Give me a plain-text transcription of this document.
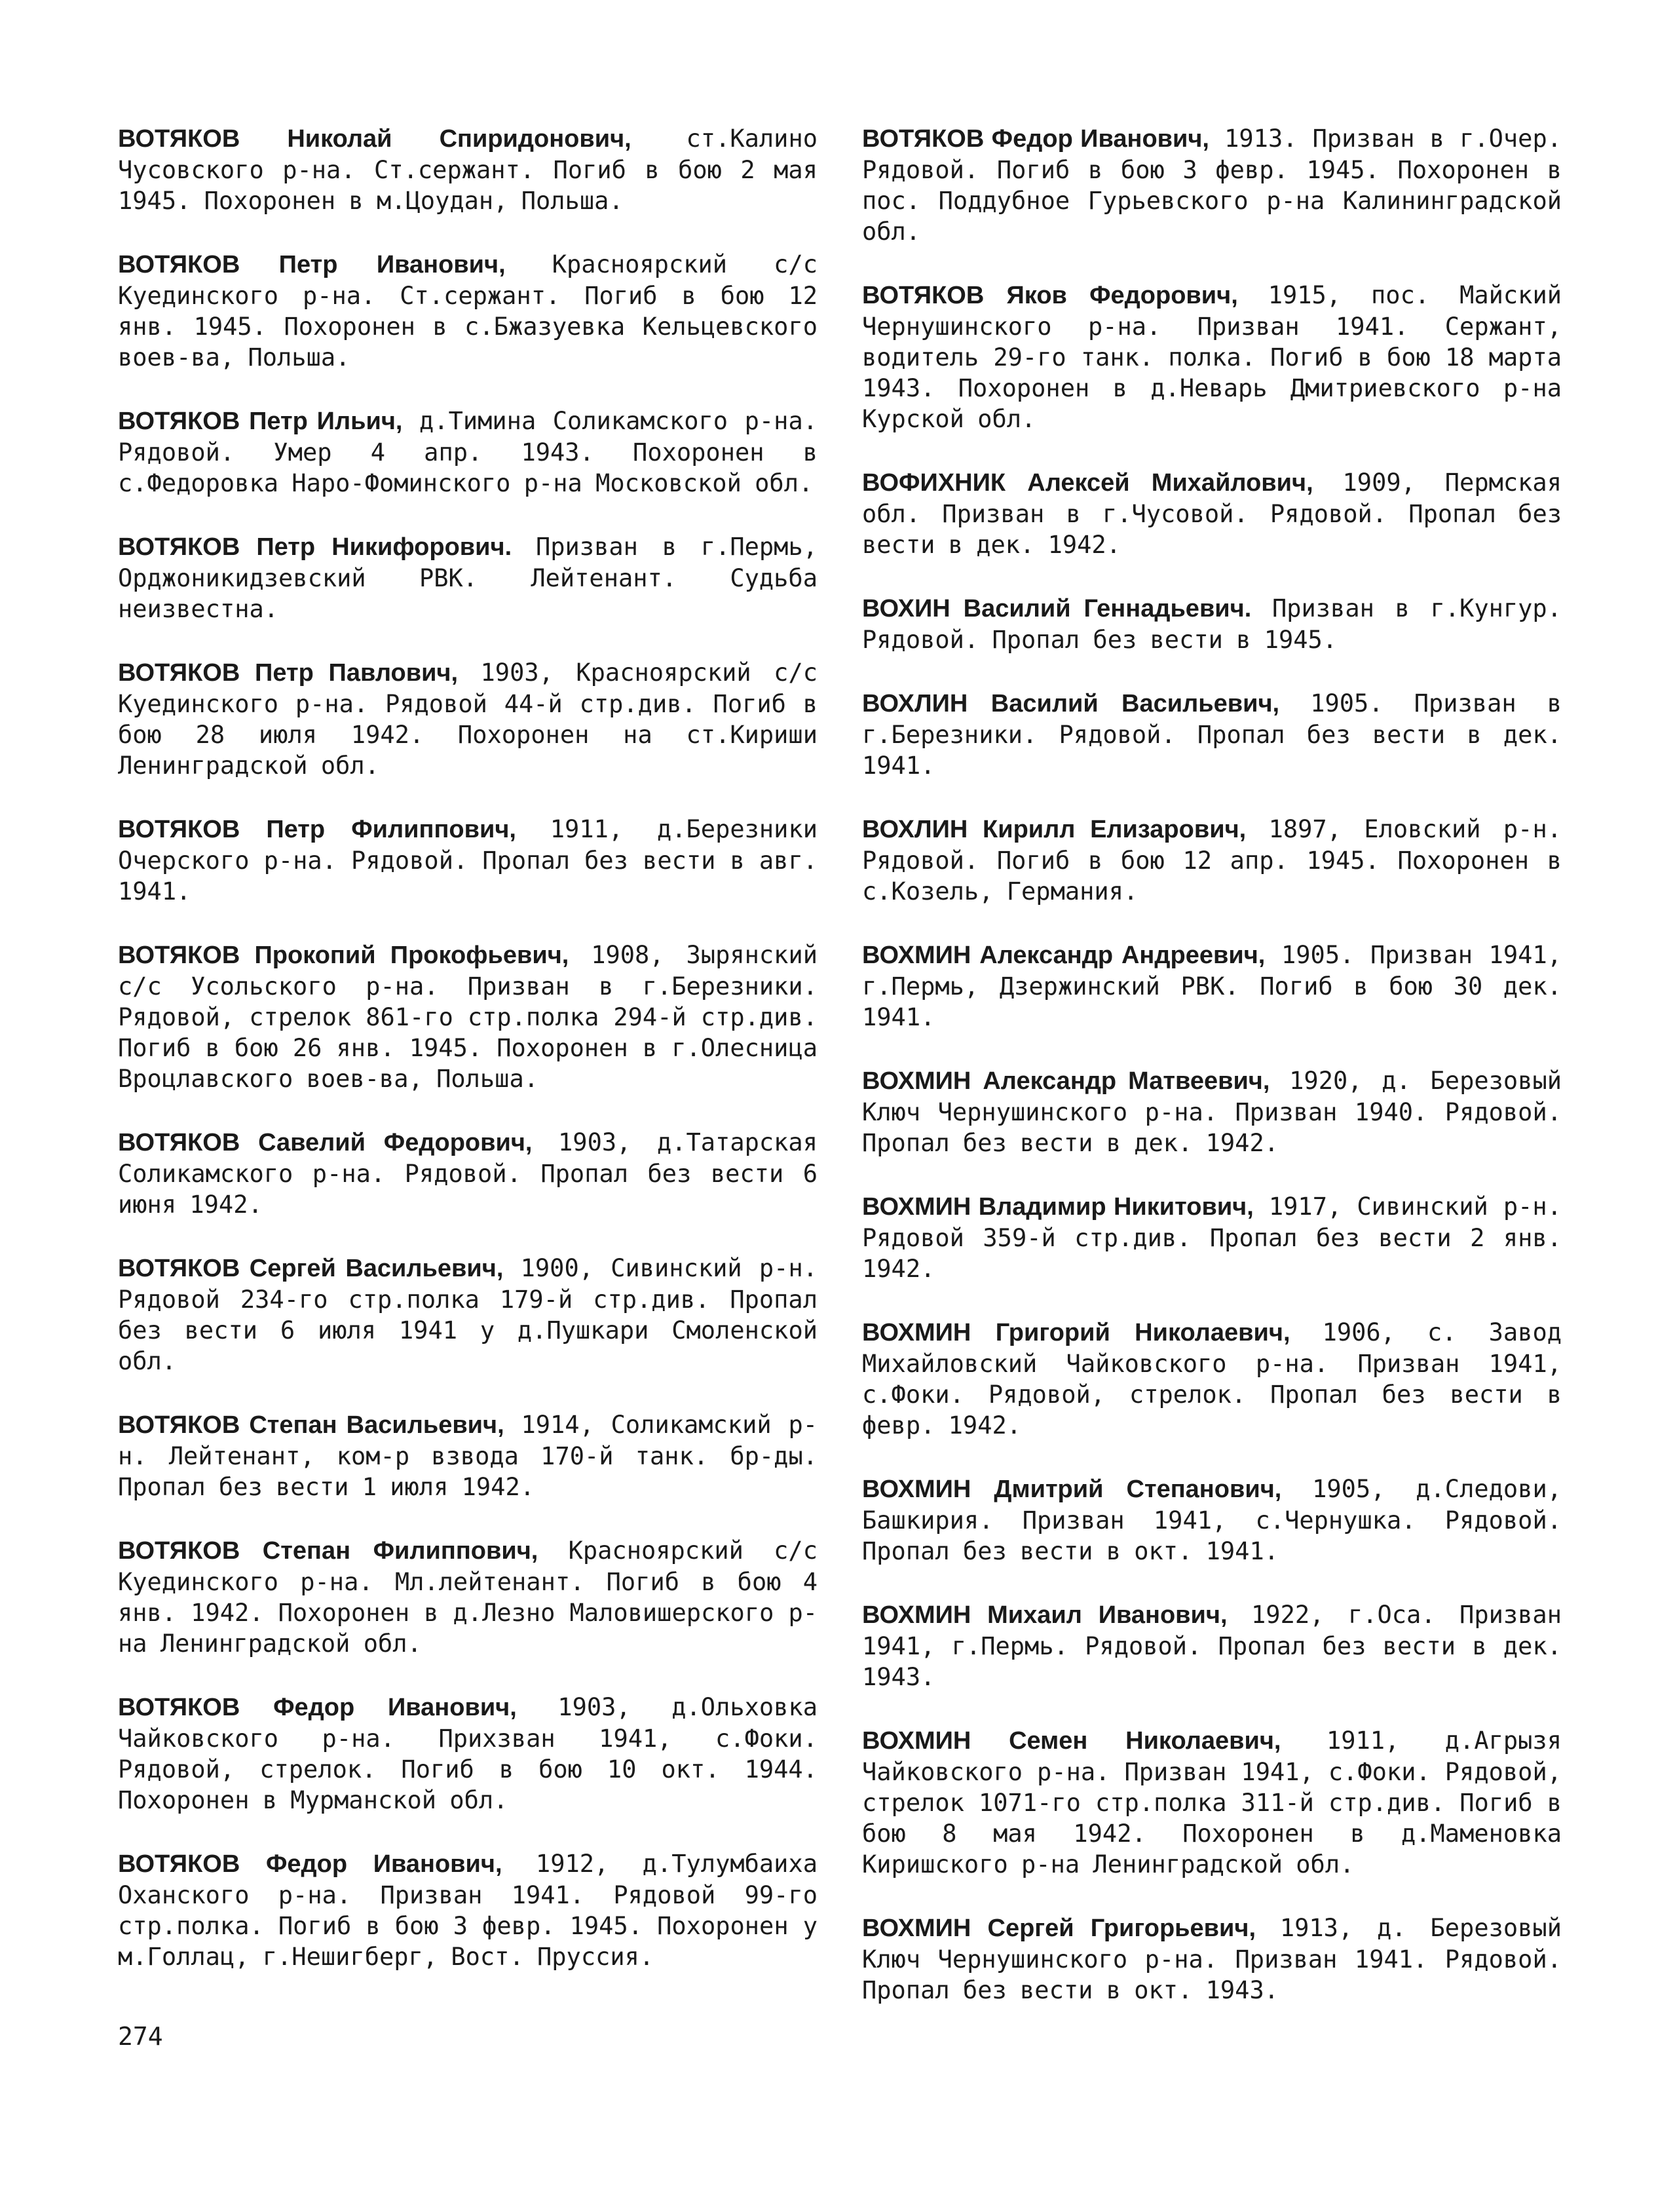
ВОТЯКОВ Николай Спиридонович, ст.Калино Чусовского р-на. Ст.сержант. Погиб в бою 2 мая 1945. Похоронен в м.Цоудан, Польша.

ВОТЯКОВ Петр Иванович, Красноярский с/с Куединского р-на. Ст.сержант. Погиб в бою 12 янв. 1945. Похоронен в с.Бжазуевка Кельцевского воев-ва, Польша.

ВОТЯКОВ Петр Ильич, д.Тимина Соликамского р-на. Рядовой. Умер 4 апр. 1943. Похоронен в с.Федоровка Наро-Фоминского р-на Московской обл.

ВОТЯКОВ Петр Никифорович. Призван в г.Пермь, Орджоникидзевский РВК. Лейтенант. Судьба неизвестна.

ВОТЯКОВ Петр Павлович, 1903, Красноярский с/с Куединского р-на. Рядовой 44-й стр.див. Погиб в бою 28 июля 1942. Похоронен на ст.Кириши Ленинградской обл.

ВОТЯКОВ Петр Филиппович, 1911, д.Березники Очерского р-на. Рядовой. Пропал без вести в авг. 1941.

ВОТЯКОВ Прокопий Прокофьевич, 1908, Зырянский с/с Усольского р-на. Призван в г.Березники. Рядовой, стрелок 861-го стр.полка 294-й стр.див. Погиб в бою 26 янв. 1945. Похоронен в г.Олесница Вроцлавского воев-ва, Польша.

ВОТЯКОВ Савелий Федорович, 1903, д.Татарская Соликамского р-на. Рядовой. Пропал без вести 6 июня 1942.

ВОТЯКОВ Сергей Васильевич, 1900, Сивинский р-н. Рядовой 234-го стр.полка 179-й стр.див. Пропал без вести 6 июля 1941 у д.Пушкари Смоленской обл.

ВОТЯКОВ Степан Васильевич, 1914, Соликамский р-н. Лейтенант, ком-р взвода 170-й танк. бр-ды. Пропал без вести 1 июля 1942.

ВОТЯКОВ Степан Филиппович, Красноярский с/с Куединского р-на. Мл.лейтенант. Погиб в бою 4 янв. 1942. Похоронен в д.Лезно Маловишерского р-на Ленинградской обл.

ВОТЯКОВ Федор Иванович, 1903, д.Ольховка Чайковского р-на. Прихзван 1941, с.Фоки. Рядовой, стрелок. Погиб в бою 10 окт. 1944. Похоронен в Мурманской обл.

ВОТЯКОВ Федор Иванович, 1912, д.Тулумбаиха Оханского р-на. Призван 1941. Рядовой 99-го стр.полка. Погиб в бою 3 февр. 1945. Похоронен у м.Голлац, г.Нешигберг, Вост. Пруссия.

ВОТЯКОВ Федор Иванович, 1913. Призван в г.Очер. Рядовой. Погиб в бою 3 февр. 1945. Похоронен в пос. Поддубное Гурьевского р-на Калининградской обл.

ВОТЯКОВ Яков Федорович, 1915, пос. Майский Чернушинского р-на. Призван 1941. Сержант, водитель 29-го танк. полка. Погиб в бою 18 марта 1943. Похоронен в д.Неварь Дмитриевского р-на Курской обл.

ВОФИХНИК Алексей Михайлович, 1909, Пермская обл. Призван в г.Чусовой. Рядовой. Пропал без вести в дек. 1942.

ВОХИН Василий Геннадьевич. Призван в г.Кунгур. Рядовой. Пропал без вести в 1945.

ВОХЛИН Василий Васильевич, 1905. Призван в г.Березники. Рядовой. Пропал без вести в дек. 1941.

ВОХЛИН Кирилл Елизарович, 1897, Еловский р-н. Рядовой. Погиб в бою 12 апр. 1945. Похоронен в с.Козель, Германия.

ВОХМИН Александр Андреевич, 1905. Призван 1941, г.Пермь, Дзержинский РВК. Погиб в бою 30 дек. 1941.

ВОХМИН Александр Матвеевич, 1920, д. Березовый Ключ Чернушинского р-на. Призван 1940. Рядовой. Пропал без вести в дек. 1942.

ВОХМИН Владимир Никитович, 1917, Сивинский р-н. Рядовой 359-й стр.див. Пропал без вести 2 янв. 1942.

ВОХМИН Григорий Николаевич, 1906, с. Завод Михайловский Чайковского р-на. Призван 1941, с.Фоки. Рядовой, стрелок. Пропал без вести в февр. 1942.

ВОХМИН Дмитрий Степанович, 1905, д.Следови, Башкирия. Призван 1941, с.Чернушка. Рядовой. Пропал без вести в окт. 1941.

ВОХМИН Михаил Иванович, 1922, г.Оса. Призван 1941, г.Пермь. Рядовой. Пропал без вести в дек. 1943.

ВОХМИН Семен Николаевич, 1911, д.Агрызя Чайковского р-на. Призван 1941, с.Фоки. Рядовой, стрелок 1071-го стр.полка 311-й стр.див. Погиб в бою 8 мая 1942. Похоронен в д.Маменовка Киришского р-на Ленинградской обл.

ВОХМИН Сергей Григорьевич, 1913, д. Березовый Ключ Чернушинского р-на. Призван 1941. Рядовой. Пропал без вести в окт. 1943.

274
